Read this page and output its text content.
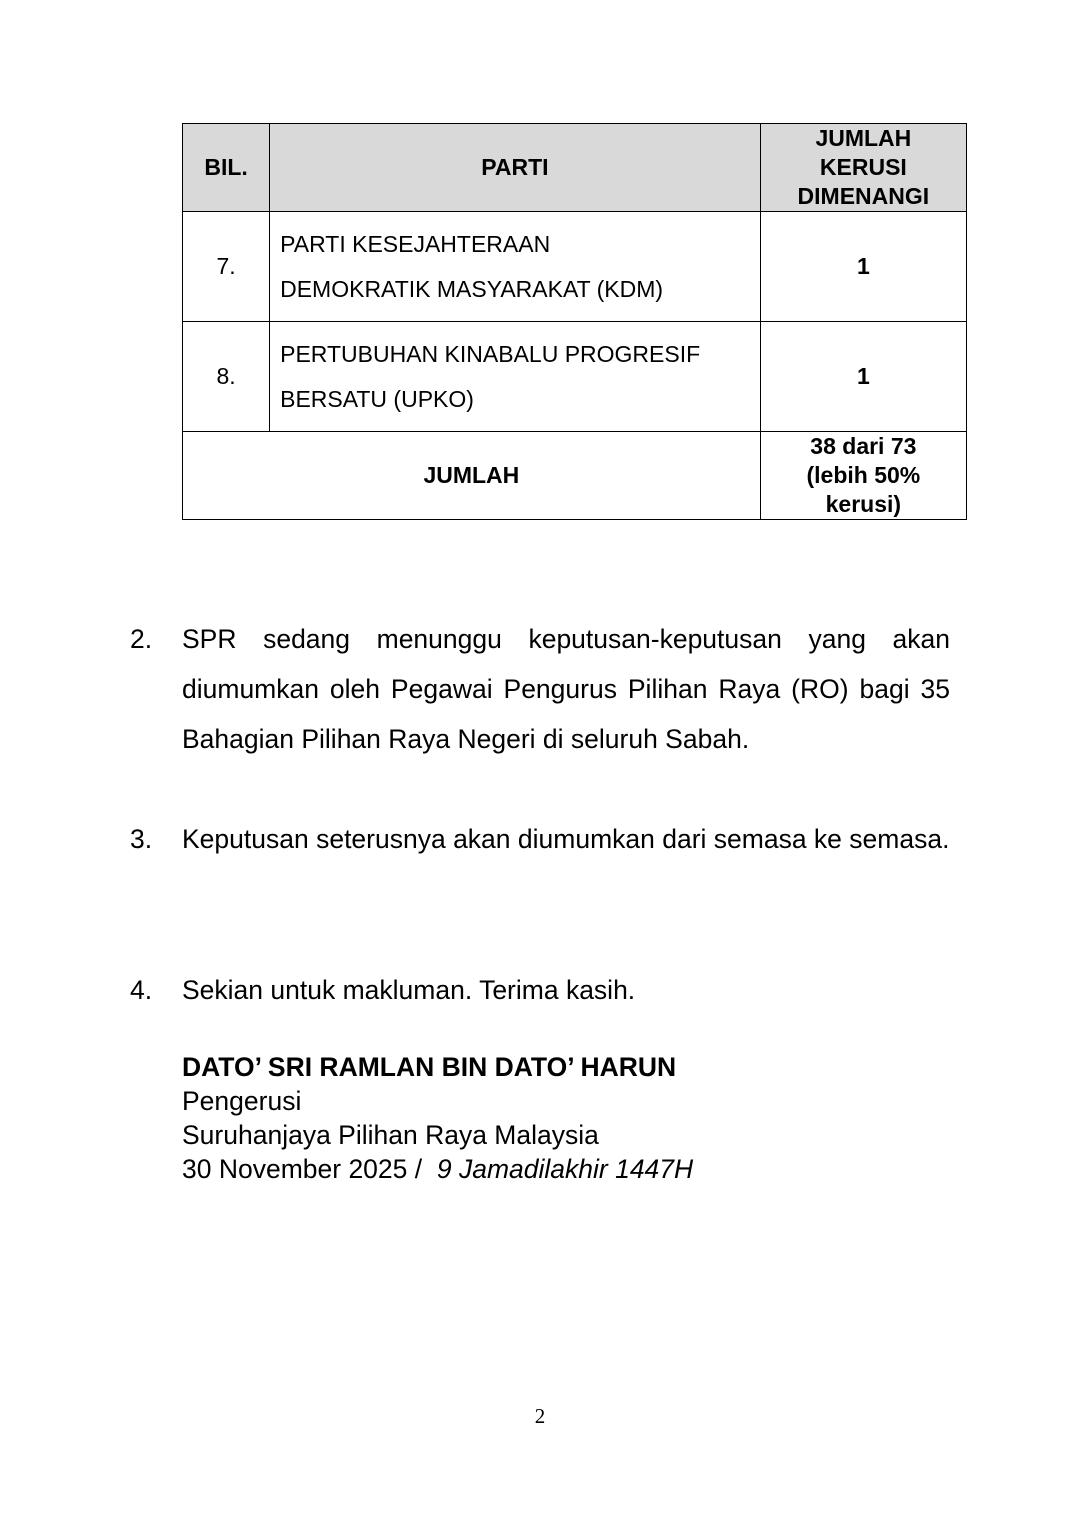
BIL.	PARTI	JUMLAH
KERUSI
DIMENANGI

7.	PARTI KESEJAHTERAAN
DEMOKRATIK MASYARAKAT (KDM)	1
8.	PERTUBUHAN KINABALU PROGRESIF
BERSATU (UPKO)	1
JUMLAH		38 dari 73
(lebih 50%
kerusi)
2. SPR sedang menunggu keputusan-keputusan yang akan diumumkan oleh Pegawai Pengurus Pilihan Raya (RO) bagi 35 Bahagian Pilihan Raya Negeri di seluruh Sabah.
3. Keputusan seterusnya akan diumumkan dari semasa ke semasa.
4. Sekian untuk makluman. Terima kasih.
DATO’ SRI RAMLAN BIN DATO’ HARUN
Pengerusi
Suruhanjaya Pilihan Raya Malaysia
30 November 2025 / 9 Jamadilakhir 1447H
2
